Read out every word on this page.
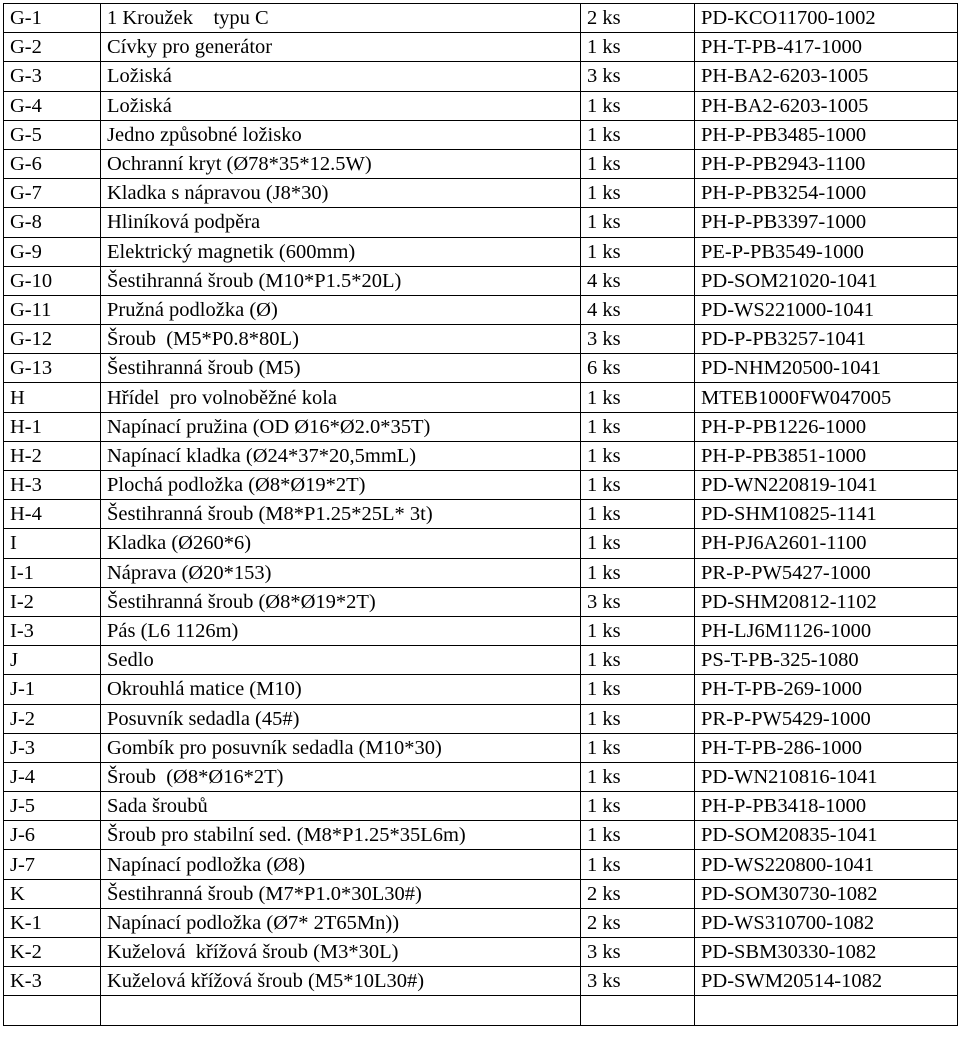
G-1	1 Kroužek    typu C	2 ks	PD-KCO11700-1002
G-2	Cívky pro generátor	1 ks	PH-T-PB-417-1000
G-3	Ložiská	3 ks	PH-BA2-6203-1005
G-4	Ložiská	1 ks	PH-BA2-6203-1005
G-5	Jedno způsobné ložisko	1 ks	PH-P-PB3485-1000
G-6	Ochranní kryt (Ø78*35*12.5W)	1 ks	PH-P-PB2943-1100
G-7	Kladka s nápravou (J8*30)	1 ks	PH-P-PB3254-1000
G-8	Hliníková podpěra	1 ks	PH-P-PB3397-1000
G-9	Elektrický magnetik (600mm)	1 ks	PE-P-PB3549-1000
G-10	Šestihranná šroub (M10*P1.5*20L)	4 ks	PD-SOM21020-1041
G-11	Pružná podložka (Ø)	4 ks	PD-WS221000-1041
G-12	Šroub  (M5*P0.8*80L)	3 ks	PD-P-PB3257-1041
G-13	Šestihranná šroub (M5)	6 ks	PD-NHM20500-1041
H	Hřídel  pro volnoběžné kola	1 ks	MTEB1000FW047005
H-1	Napínací pružina (OD Ø16*Ø2.0*35T)	1 ks	PH-P-PB1226-1000
H-2	Napínací kladka (Ø24*37*20,5mmL)	1 ks	PH-P-PB3851-1000
H-3	Plochá podložka (Ø8*Ø19*2T)	1 ks	PD-WN220819-1041
H-4	Šestihranná šroub (M8*P1.25*25L* 3t)	1 ks	PD-SHM10825-1141
I	Kladka (Ø260*6)	1 ks	PH-PJ6A2601-1100
I-1	Náprava (Ø20*153)	1 ks	PR-P-PW5427-1000
I-2	Šestihranná šroub (Ø8*Ø19*2T)	3 ks	PD-SHM20812-1102
I-3	Pás (L6 1126m)	1 ks	PH-LJ6M1126-1000
J	Sedlo	1 ks	PS-T-PB-325-1080
J-1	Okrouhlá matice (M10)	1 ks	PH-T-PB-269-1000
J-2	Posuvník sedadla (45#)	1 ks	PR-P-PW5429-1000
J-3	Gombík pro posuvník sedadla (M10*30)	1 ks	PH-T-PB-286-1000
J-4	Šroub  (Ø8*Ø16*2T)	1 ks	PD-WN210816-1041
J-5	Sada šroubů	1 ks	PH-P-PB3418-1000
J-6	Šroub pro stabilní sed. (M8*P1.25*35L6m)	1 ks	PD-SOM20835-1041
J-7	Napínací podložka (Ø8)	1 ks	PD-WS220800-1041
K	Šestihranná šroub (M7*P1.0*30L30#)	2 ks	PD-SOM30730-1082
K-1	Napínací podložka (Ø7* 2T65Mn))	2 ks	PD-WS310700-1082
K-2	Kuželová  křížová šroub (M3*30L)	3 ks	PD-SBM30330-1082
K-3	Kuželová křížová šroub (M5*10L30#)	3 ks	PD-SWM20514-1082
